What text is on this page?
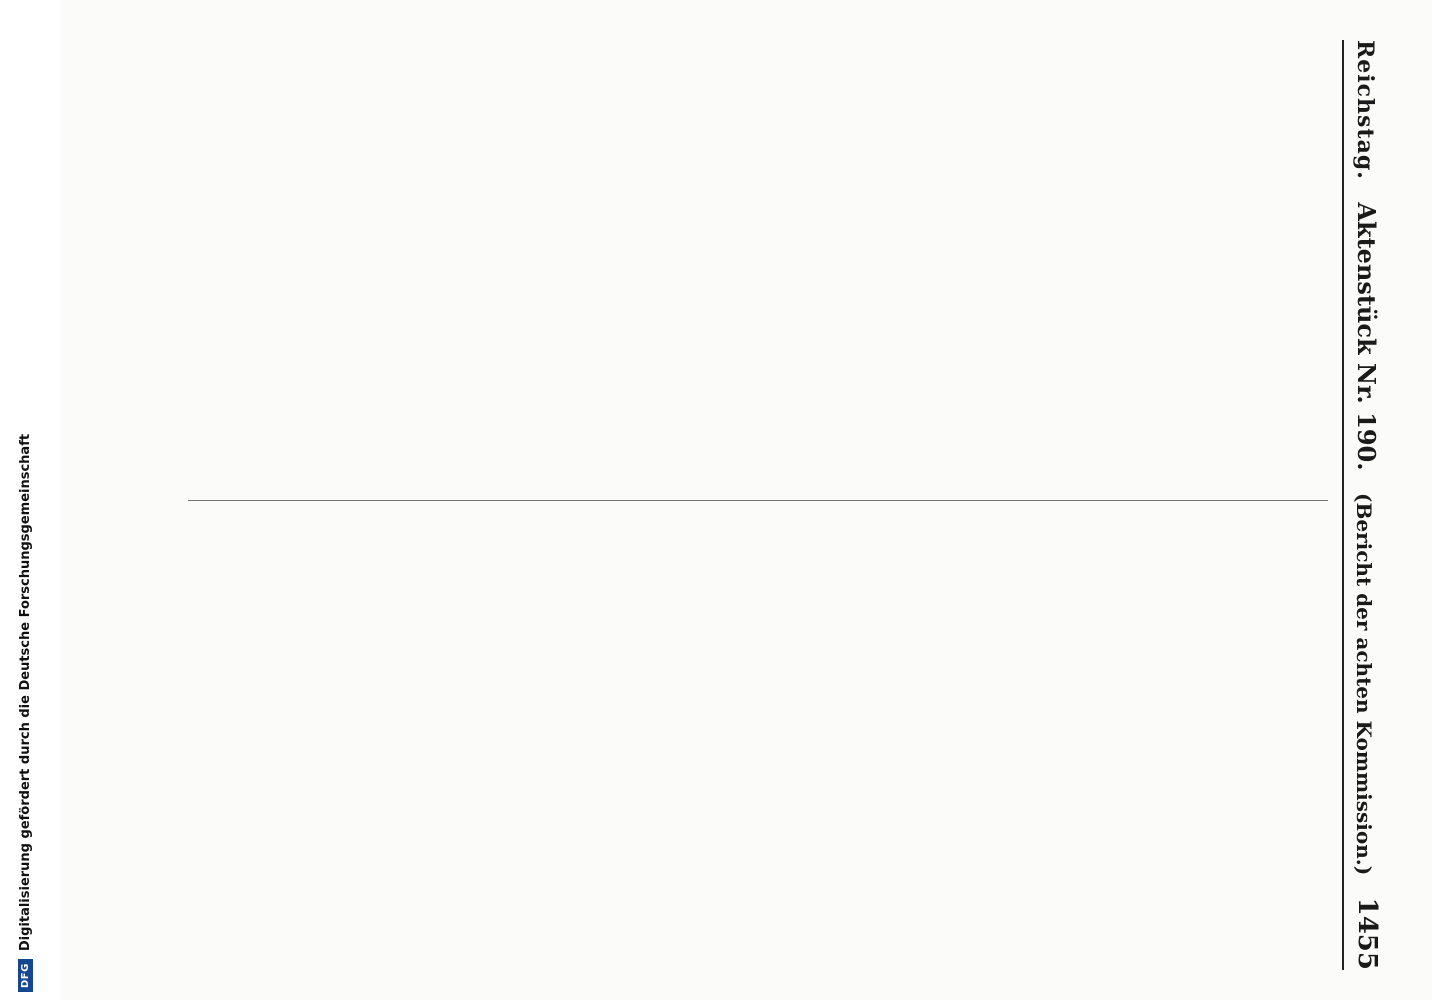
Reichstag.
Aktenstück Nr. 190.
(Bericht der achten Kommission.)
1455
DFG
Digitalisierung gefördert durch die Deutsche Forschungsgemeinschaft
